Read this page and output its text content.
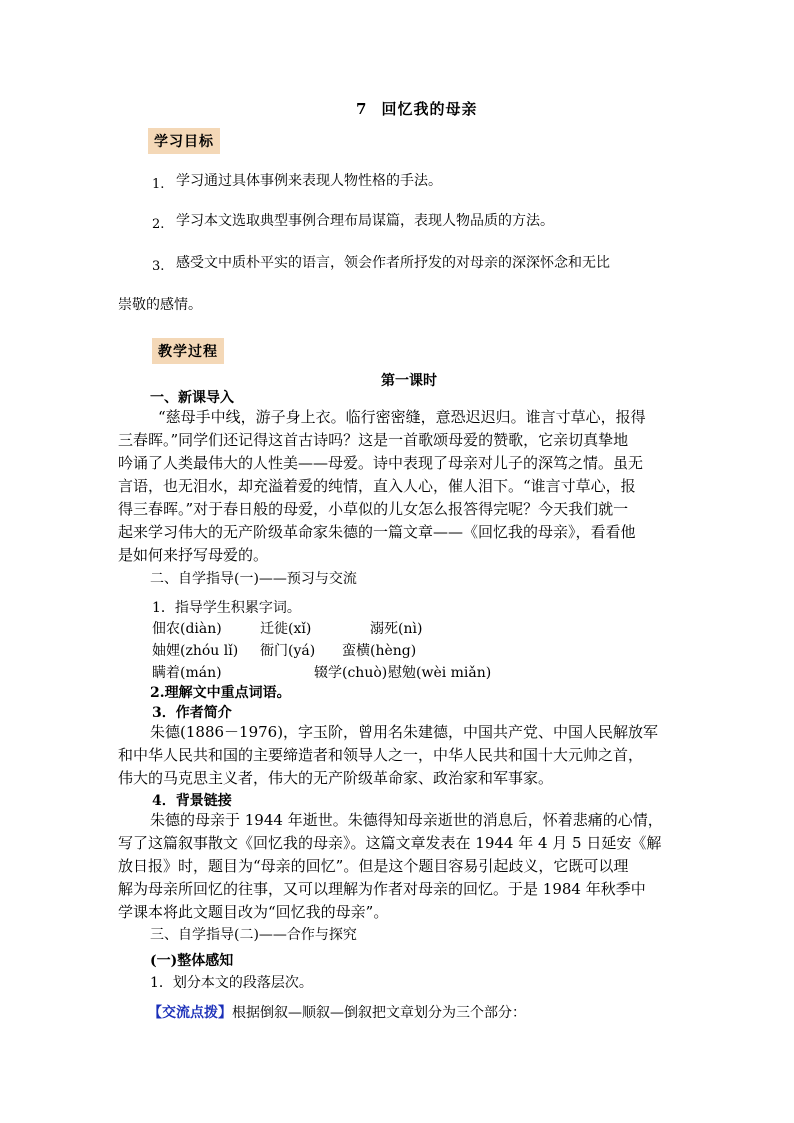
7 回忆我的母亲
学习目标
1. 学习通过具体事例来表现人物性格的手法。
2. 学习本文选取典型事例合理布局谋篇，表现人物品质的方法。
3. 感受文中质朴平实的语言，领会作者所抒发的对母亲的深深怀念和无比
崇敬的感情。
教学过程
第一课时
一、新课导入
“慈母手中线，游子身上衣。临行密密缝，意恐迟迟归。谁言寸草心，报得
三春晖。”同学们还记得这首古诗吗？这是一首歌颂母爱的赞歌，它亲切真挚地
吟诵了人类最伟大的人性美——母爱。诗中表现了母亲对儿子的深笃之情。虽无
言语，也无泪水，却充溢着爱的纯情，直入人心，催人泪下。“谁言寸草心，报
得三春晖。”对于春日般的母爱，小草似的儿女怎么报答得完呢？今天我们就一
起来学习伟大的无产阶级革命家朱德的一篇文章——《回忆我的母亲》，看看他
是如何来抒写母爱的。
二、自学指导(一)——预习与交流
1．指导学生积累字词。
佃农(diàn)	迁徙(xǐ)	溺死(nì)
妯娌(zhóu lǐ) 衙门(yá) 蛮横(hèng)
瞒着(mán)	辍学(chuò) 慰勉(wèi miǎn)
2.理解文中重点词语。
3．作者简介
朱德(1886－1976)，字玉阶，曾用名朱建德，中国共产党、中国人民解放军
和中华人民共和国的主要缔造者和领导人之一，中华人民共和国十大元帅之首，
伟大的马克思主义者，伟大的无产阶级革命家、政治家和军事家。
4．背景链接
朱德的母亲于 1944 年逝世。朱德得知母亲逝世的消息后，怀着悲痛的心情，
写了这篇叙事散文《回忆我的母亲》。这篇文章发表在 1944 年 4 月 5 日延安《解
放日报》时，题目为“母亲的回忆”。但是这个题目容易引起歧义，它既可以理
解为母亲所回忆的往事，又可以理解为作者对母亲的回忆。于是 1984 年秋季中
学课本将此文题目改为“回忆我的母亲”。
三、自学指导(二)——合作与探究
(一)整体感知
1．划分本文的段落层次。
【交流点拨】根据倒叙—顺叙—倒叙把文章划分为三个部分：
